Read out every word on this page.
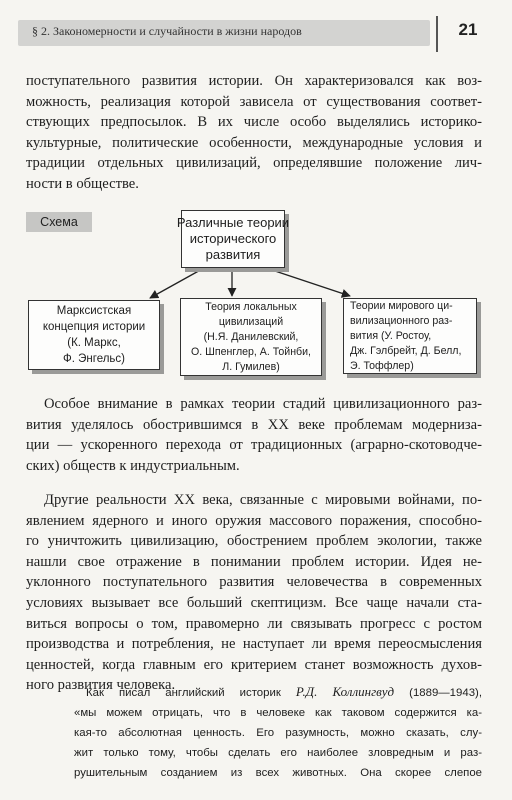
§ 2. Закономерности и случайности в жизни народов	21

поступательного развития истории. Он характеризовался как воз-
можность, реализация которой зависела от существования соответ-
ствующих предпосылок. В их числе особо выделялись историко-
культурные, политические особенности, международные условия и
традиции отдельных цивилизаций, определявшие положение лич-
ности в обществе.

Схема	Различные теории
исторического
развития
Марксистская
концепция истории
(К. Маркс,
Ф. Энгельс)
Теория локальных
цивилизаций
(Н.Я. Данилевский,
О. Шпенглер, А. Тойнби,
Л. Гумилев)
Теории мирового ци-
вилизационного раз-
вития (У. Ростоу,
Дж. Гэлбрейт, Д. Белл,
Э. Тоффлер)

Особое внимание в рамках теории стадий цивилизационного раз-
вития уделялось обострившимся в XX веке проблемам модерниза-
ции — ускоренного перехода от традиционных (аграрно-скотоводче-
ских) обществ к индустриальным.

Другие реальности XX века, связанные с мировыми войнами, по-
явлением ядерного и иного оружия массового поражения, способно-
го уничтожить цивилизацию, обострением проблем экологии, также
нашли свое отражение в понимании проблем истории. Идея не-
уклонного поступательного развития человечества в современных
условиях вызывает все больший скептицизм. Все чаще начали ста-
виться вопросы о том, правомерно ли связывать прогресс с ростом
производства и потребления, не наступает ли время переосмысления
ценностей, когда главным его критерием станет возможность духов-
ного развития человека.

Как писал английский историк Р.Д. Коллингвуд (1889—1943),
«мы можем отрицать, что в человеке как таковом содержится ка-
кая-то абсолютная ценность. Его разумность, можно сказать, слу-
жит только тому, чтобы сделать его наиболее зловредным и раз-
рушительным созданием из всех животных. Она скорее слепое
